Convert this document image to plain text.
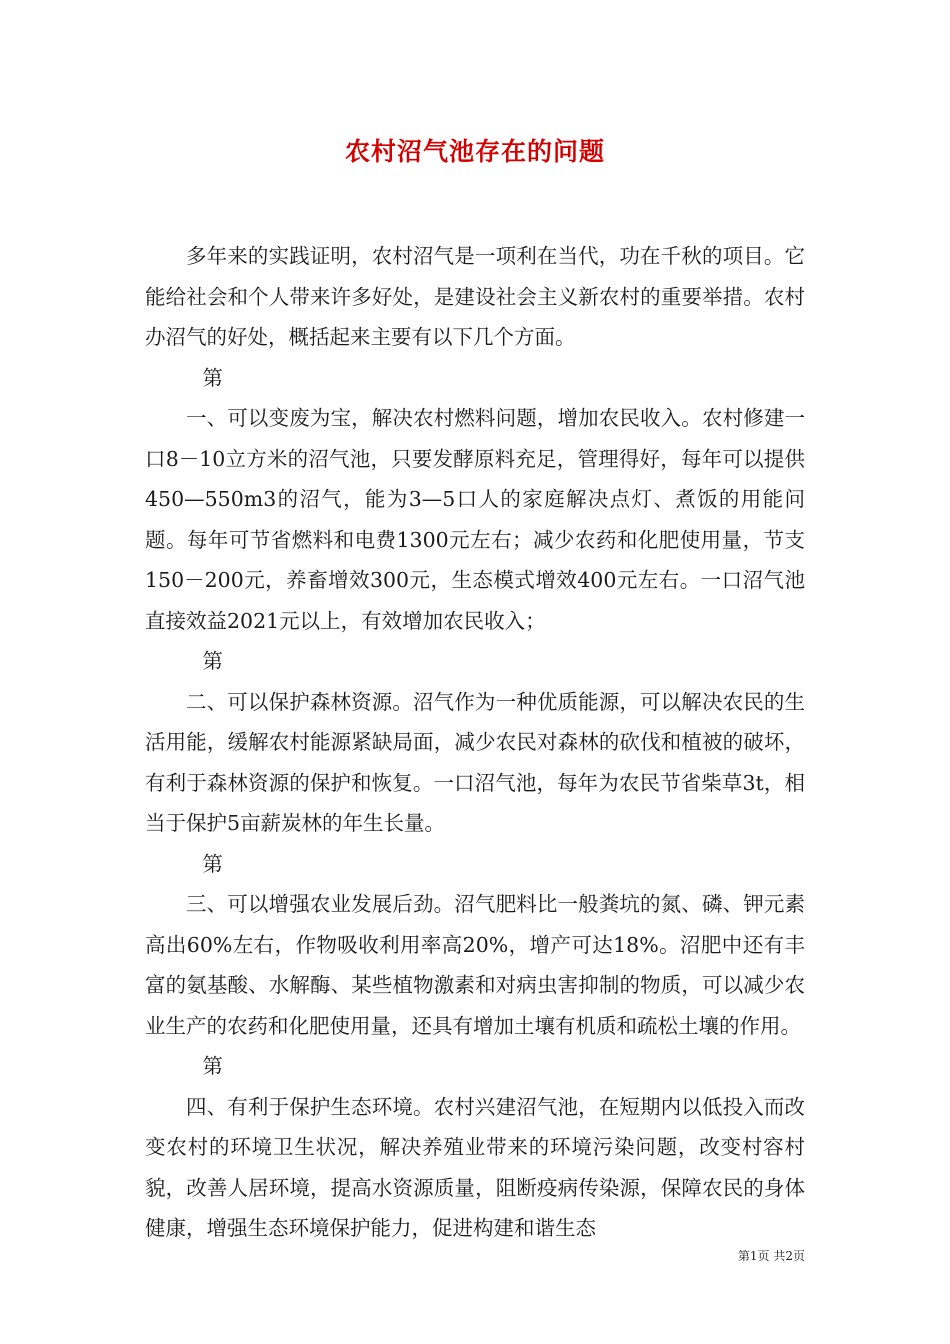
农村沼气池存在的问题

多年来的实践证明，农村沼气是一项利在当代，功在千秋的项目。它能给社会和个人带来许多好处，是建设社会主义新农村的重要举措。农村办沼气的好处，概括起来主要有以下几个方面。

第

一、可以变废为宝，解决农村燃料问题，增加农民收入。农村修建一口8－10立方米的沼气池，只要发酵原料充足，管理得好，每年可以提供450—550m3的沼气，能为3—5口人的家庭解决点灯、煮饭的用能问题。每年可节省燃料和电费1300元左右；减少农药和化肥使用量，节支150－200元，养畜增效300元，生态模式增效400元左右。一口沼气池直接效益2021元以上，有效增加农民收入；

第

二、可以保护森林资源。沼气作为一种优质能源，可以解决农民的生活用能，缓解农村能源紧缺局面，减少农民对森林的砍伐和植被的破坏，有利于森林资源的保护和恢复。一口沼气池，每年为农民节省柴草3t，相当于保护5亩薪炭林的年生长量。

第

三、可以增强农业发展后劲。沼气肥料比一般粪坑的氮、磷、钾元素高出60%左右，作物吸收利用率高20%，增产可达18%。沼肥中还有丰富的氨基酸、水解酶、某些植物激素和对病虫害抑制的物质，可以减少农业生产的农药和化肥使用量，还具有增加土壤有机质和疏松土壤的作用。

第

四、有利于保护生态环境。农村兴建沼气池，在短期内以低投入而改变农村的环境卫生状况，解决养殖业带来的环境污染问题，改变村容村貌，改善人居环境，提高水资源质量，阻断疫病传染源，保障农民的身体健康，增强生态环境保护能力，促进构建和谐生态

第1页 共2页
